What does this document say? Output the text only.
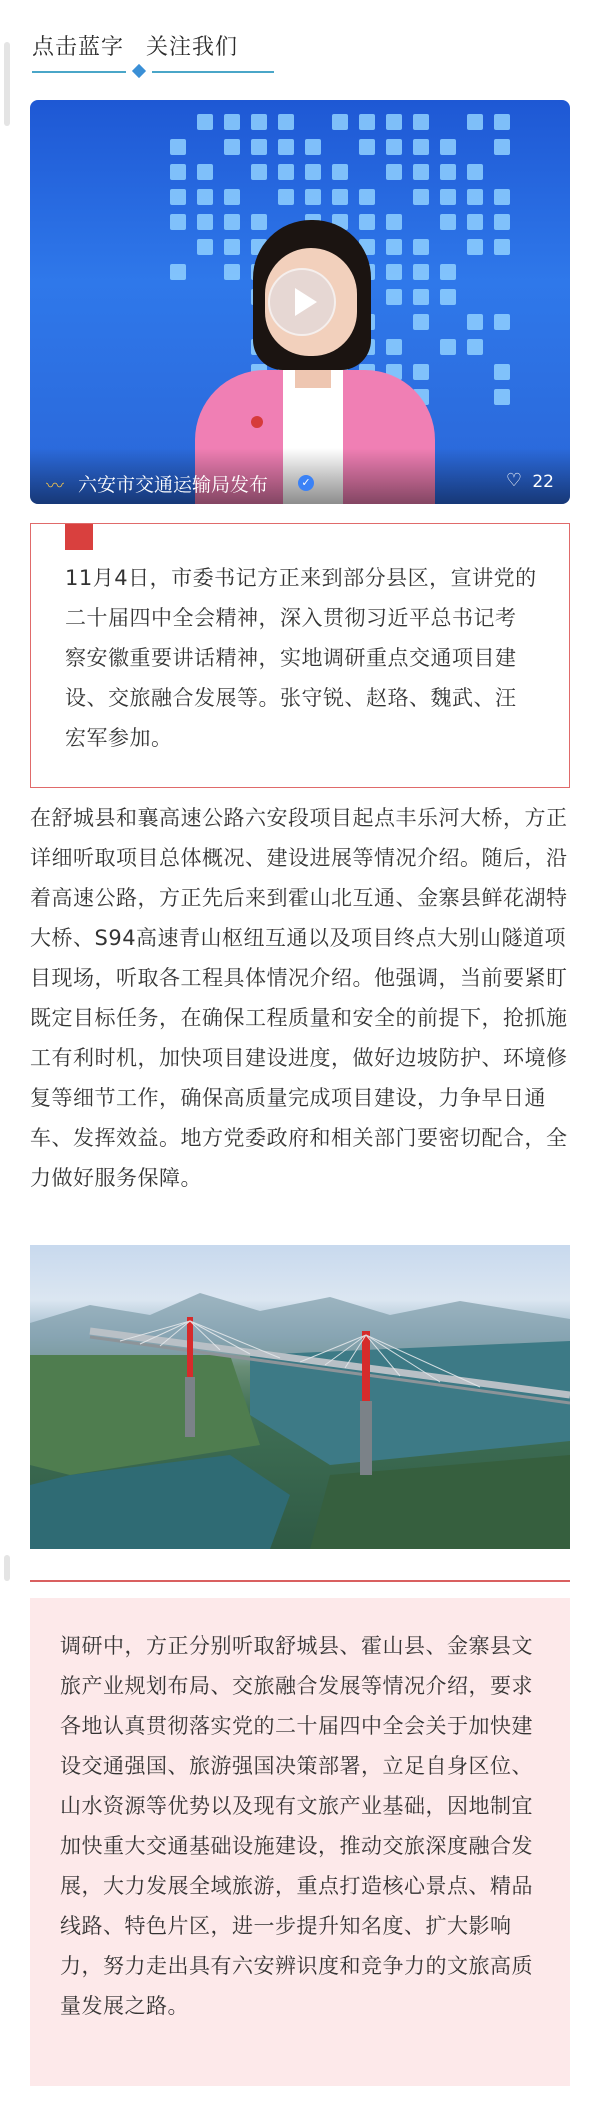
点击蓝字 关注我们
〰 六安市交通运输局发布	✓	♡ 22
11月4日，市委书记方正来到部分县区，宣讲党的二十届四中全会精神，深入贯彻习近平总书记考察安徽重要讲话精神，实地调研重点交通项目建设、交旅融合发展等。张守锐、赵珞、魏武、汪宏军参加。
在舒城县和襄高速公路六安段项目起点丰乐河大桥，方正详细听取项目总体概况、建设进展等情况介绍。随后，沿着高速公路，方正先后来到霍山北互通、金寨县鲜花湖特大桥、S94高速青山枢纽互通以及项目终点大别山隧道项目现场，听取各工程具体情况介绍。他强调，当前要紧盯既定目标任务，在确保工程质量和安全的前提下，抢抓施工有利时机，加快项目建设进度，做好边坡防护、环境修复等细节工作，确保高质量完成项目建设，力争早日通车、发挥效益。地方党委政府和相关部门要密切配合，全力做好服务保障。
调研中，方正分别听取舒城县、霍山县、金寨县文旅产业规划布局、交旅融合发展等情况介绍，要求各地认真贯彻落实党的二十届四中全会关于加快建设交通强国、旅游强国决策部署，立足自身区位、山水资源等优势以及现有文旅产业基础，因地制宜加快重大交通基础设施建设，推动交旅深度融合发展，大力发展全域旅游，重点打造核心景点、精品线路、特色片区，进一步提升知名度、扩大影响力，努力走出具有六安辨识度和竞争力的文旅高质量发展之路。
